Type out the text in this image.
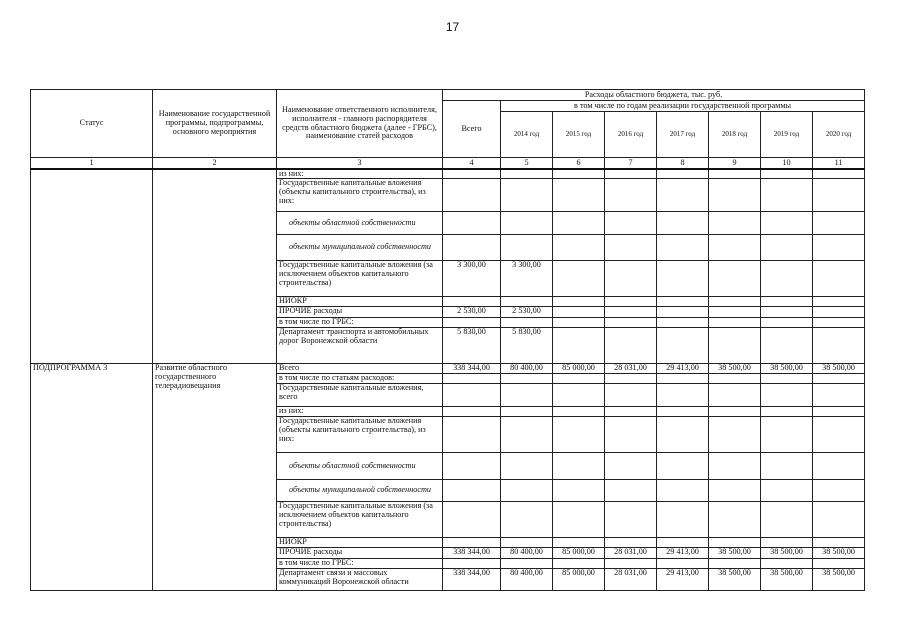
17
Статус	Наименование государственной программы, подпрограммы, основного мероприятия	Наименование ответственного исполнителя, исполнителя - главного распорядителя средств областного бюджета (далее - ГРБС), наименование статей расходов	Расходы областного бюджета, тыс. руб.							
			Всего	в том числе по годам реализации государственной программы						
				2014 год	2015 год	2016 год	2017 год	2018 год	2019 год	2020 год
1	2	3	4	5	6	7	8	9	10	11
		из них:								
		Государственные капитальные вложения (объекты капитального строительства), из них:								
		объекты областной собственности								
		объекты муниципальной собственности								
		Государственные капитальные вложения (за исключением объектов капитального строительства)	3 300,00	3 300,00						
		НИОКР								
		ПРОЧИЕ расходы	2 530,00	2 530,00						
		в том числе по ГРБС:								
		Департамент транспорта и автомобильных дорог Воронежской области	5 830,00	5 830,00						
ПОДПРОГРАММА 3	Развитие областного государственного телерадиовещания	Всего	338 344,00	80 400,00	85 000,00	28 031,00	29 413,00	38 500,00	38 500,00	38 500,00
		в том числе по статьям расходов:								
		Государственные капитальные вложения, всего								
		из них:								
		Государственные капитальные вложения (объекты капитального строительства), из них:								
		объекты областной собственности								
		объекты муниципальной собственности								
		Государственные капитальные вложения (за исключением объектов капитального строительства)								
		НИОКР								
		ПРОЧИЕ расходы	338 344,00	80 400,00	85 000,00	28 031,00	29 413,00	38 500,00	38 500,00	38 500,00
		в том числе по ГРБС:								
		Департамент связи и массовых коммуникаций Воронежской области	338 344,00	80 400,00	85 000,00	28 031,00	29 413,00	38 500,00	38 500,00	38 500,00
